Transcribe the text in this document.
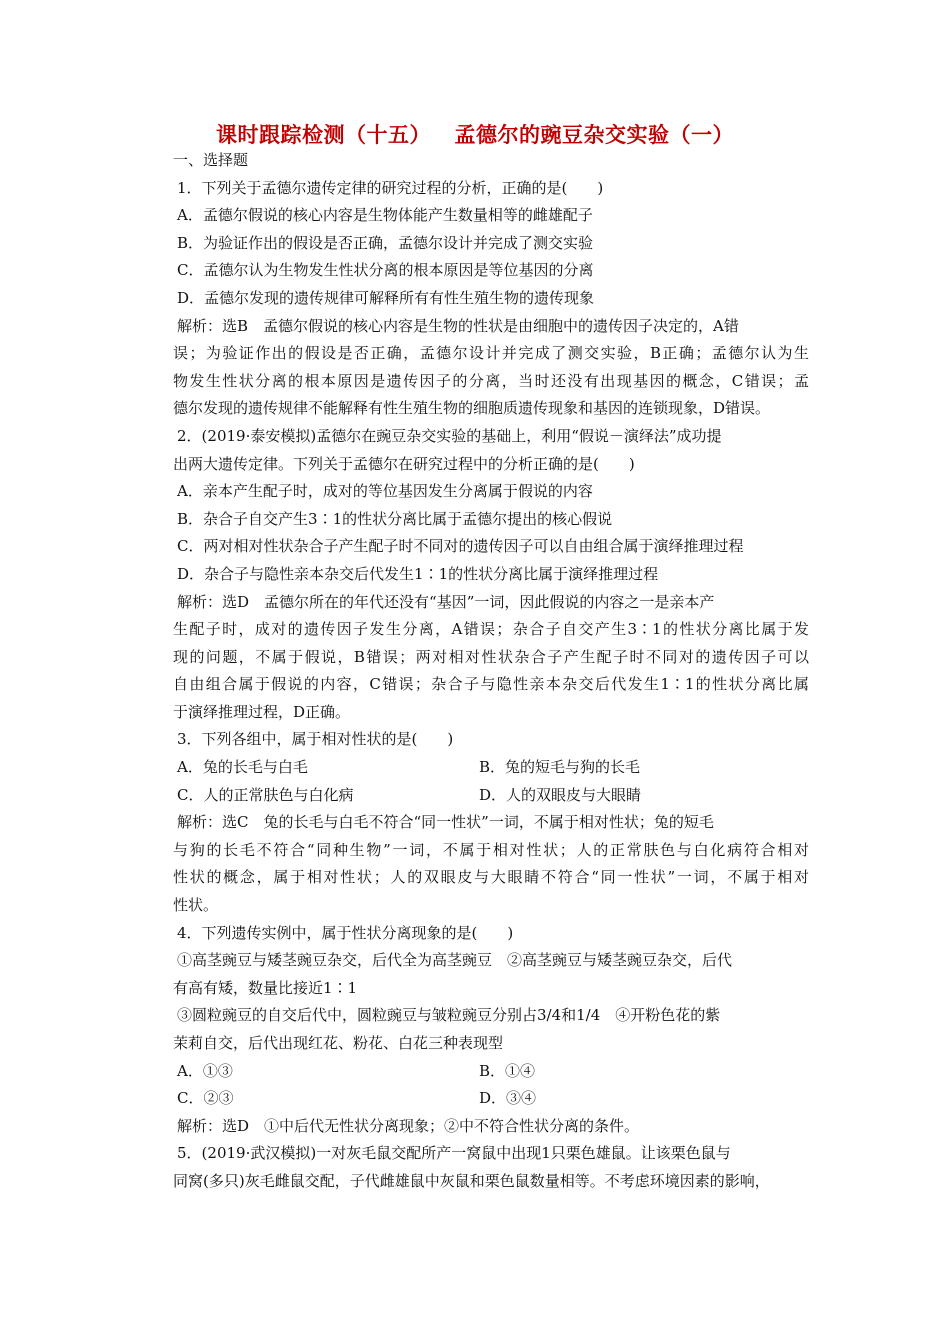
课时跟踪检测（十五）   孟德尔的豌豆杂交实验（一）
一、选择题
1．下列关于孟德尔遗传定律的研究过程的分析，正确的是(　　)
A．孟德尔假说的核心内容是生物体能产生数量相等的雌雄配子
B．为验证作出的假设是否正确，孟德尔设计并完成了测交实验
C．孟德尔认为生物发生性状分离的根本原因是等位基因的分离
D．孟德尔发现的遗传规律可解释所有有性生殖生物的遗传现象
解析：选B　孟德尔假说的核心内容是生物的性状是由细胞中的遗传因子决定的，A错
误；为验证作出的假设是否正确，孟德尔设计并完成了测交实验，B正确；孟德尔认为生
物发生性状分离的根本原因是遗传因子的分离，当时还没有出现基因的概念，C错误；孟
德尔发现的遗传规律不能解释有性生殖生物的细胞质遗传现象和基因的连锁现象，D错误。
2．(2019·泰安模拟)孟德尔在豌豆杂交实验的基础上，利用“假说－演绎法”成功提
出两大遗传定律。下列关于孟德尔在研究过程中的分析正确的是(　　)
A．亲本产生配子时，成对的等位基因发生分离属于假说的内容
B．杂合子自交产生3∶1的性状分离比属于孟德尔提出的核心假说
C．两对相对性状杂合子产生配子时不同对的遗传因子可以自由组合属于演绎推理过程
D．杂合子与隐性亲本杂交后代发生1∶1的性状分离比属于演绎推理过程
解析：选D　孟德尔所在的年代还没有“基因”一词，因此假说的内容之一是亲本产
生配子时，成对的遗传因子发生分离，A错误；杂合子自交产生3∶1的性状分离比属于发
现的问题，不属于假说，B错误；两对相对性状杂合子产生配子时不同对的遗传因子可以
自由组合属于假说的内容，C错误；杂合子与隐性亲本杂交后代发生1∶1的性状分离比属
于演绎推理过程，D正确。
3．下列各组中，属于相对性状的是(　　)
A．兔的长毛与白毛	B．兔的短毛与狗的长毛
C．人的正常肤色与白化病	D．人的双眼皮与大眼睛
解析：选C　兔的长毛与白毛不符合“同一性状”一词，不属于相对性状；兔的短毛
与狗的长毛不符合“同种生物”一词，不属于相对性状；人的正常肤色与白化病符合相对
性状的概念，属于相对性状；人的双眼皮与大眼睛不符合“同一性状”一词，不属于相对
性状。
4．下列遗传实例中，属于性状分离现象的是(　　)
①高茎豌豆与矮茎豌豆杂交，后代全为高茎豌豆　②高茎豌豆与矮茎豌豆杂交，后代
有高有矮，数量比接近1∶1
③圆粒豌豆的自交后代中，圆粒豌豆与皱粒豌豆分别占3/4和1/4　④开粉色花的紫
茉莉自交，后代出现红花、粉花、白花三种表现型
A．①③	B．①④
C．②③	D．③④
解析：选D　①中后代无性状分离现象；②中不符合性状分离的条件。
5．(2019·武汉模拟)一对灰毛鼠交配所产一窝鼠中出现1只栗色雄鼠。让该栗色鼠与
同窝(多只)灰毛雌鼠交配，子代雌雄鼠中灰鼠和栗色鼠数量相等。不考虑环境因素的影响，
